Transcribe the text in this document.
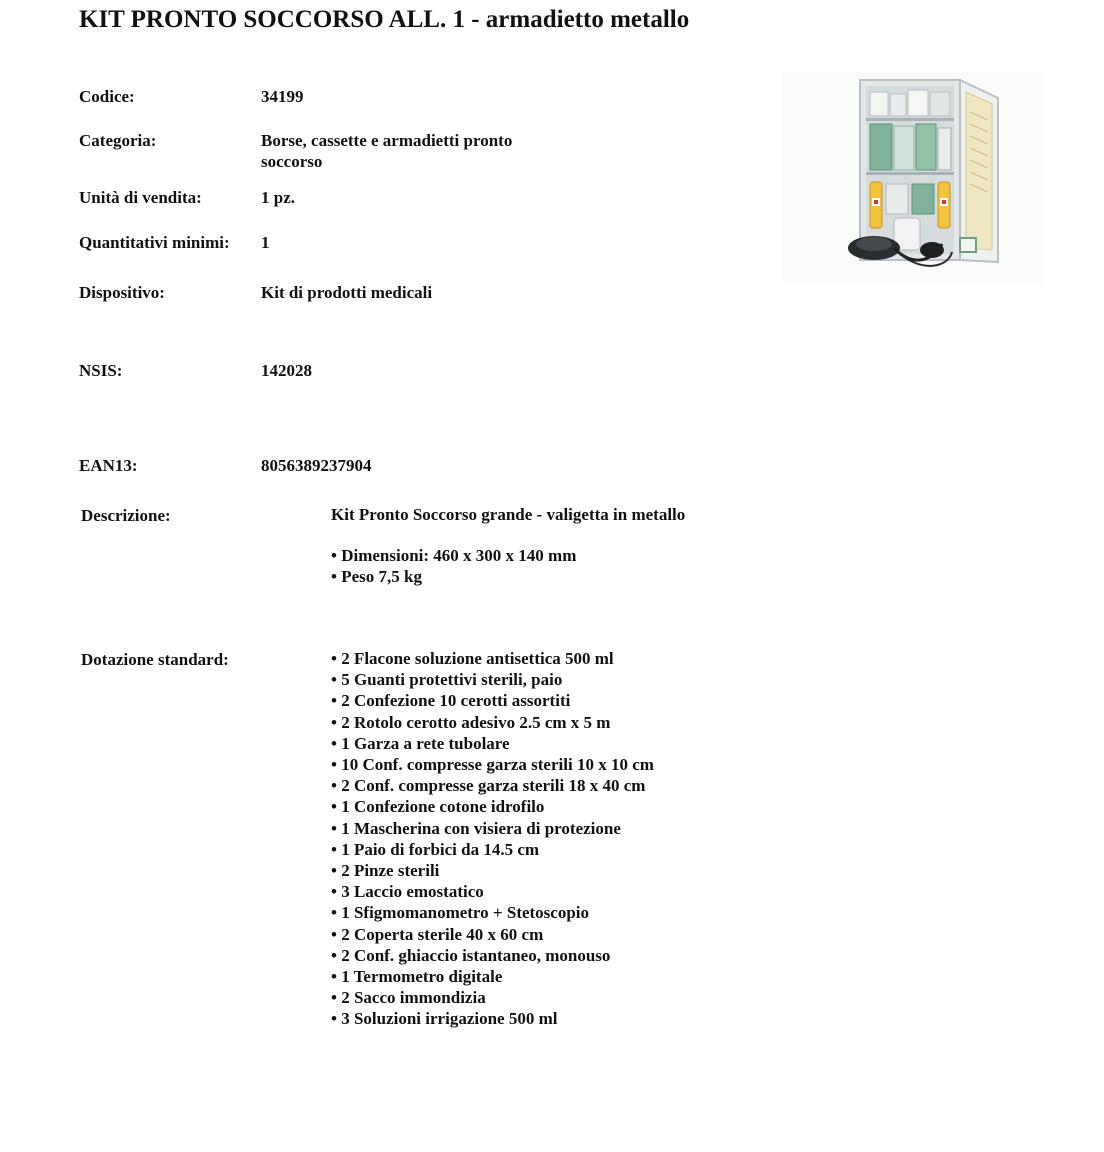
KIT PRONTO SOCCORSO ALL. 1 - armadietto metallo
Codice:	34199
Categoria:	Borse, cassette e armadietti pronto soccorso
Unità di vendita:	1 pz.
Quantitativi minimi: 1
Dispositivo:	Kit di prodotti medicali
NSIS:	142028
EAN13:	8056389237904
Descrizione:	Kit Pronto Soccorso grande - valigetta in metallo
• Dimensioni: 460 x 300 x 140 mm
• Peso 7,5 kg
Dotazione standard:	• 2 Flacone soluzione antisettica 500 ml
• 5 Guanti protettivi sterili, paio
• 2 Confezione 10 cerotti assortiti
• 2 Rotolo cerotto adesivo 2.5 cm x 5 m
• 1 Garza a rete tubolare
• 10 Conf. compresse garza sterili 10 x 10 cm
• 2 Conf. compresse garza sterili 18 x 40 cm
• 1 Confezione cotone idrofilo
• 1 Mascherina con visiera di protezione
• 1 Paio di forbici da 14.5 cm
• 2 Pinze sterili
• 3 Laccio emostatico
• 1 Sfigmomanometro + Stetoscopio
• 2 Coperta sterile 40 x 60 cm
• 2 Conf. ghiaccio istantaneo, monouso
• 1 Termometro digitale
• 2 Sacco immondizia
• 3 Soluzioni irrigazione 500 ml
